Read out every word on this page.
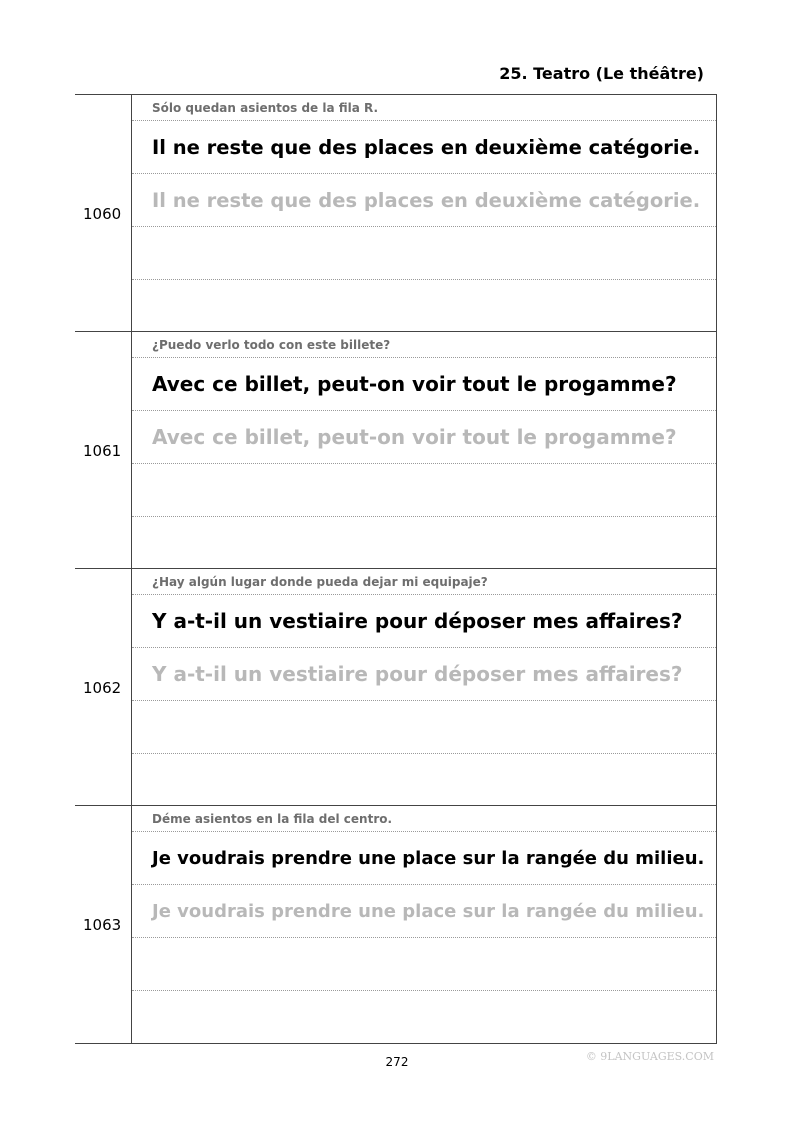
25. Teatro (Le théâtre)
1060
Sólo quedan asientos de la fila R.
Il ne reste que des places en deuxième catégorie.
Il ne reste que des places en deuxième catégorie.
1061
¿Puedo verlo todo con este billete?
Avec ce billet, peut-on voir tout le progamme?
Avec ce billet, peut-on voir tout le progamme?
1062
¿Hay algún lugar donde pueda dejar mi equipaje?
Y a-t-il un vestiaire pour déposer mes affaires?
Y a-t-il un vestiaire pour déposer mes affaires?
1063
Déme asientos en la fila del centro.
Je voudrais prendre une place sur la rangée du milieu.
Je voudrais prendre une place sur la rangée du milieu.
272	© 9LANGUAGES.COM
